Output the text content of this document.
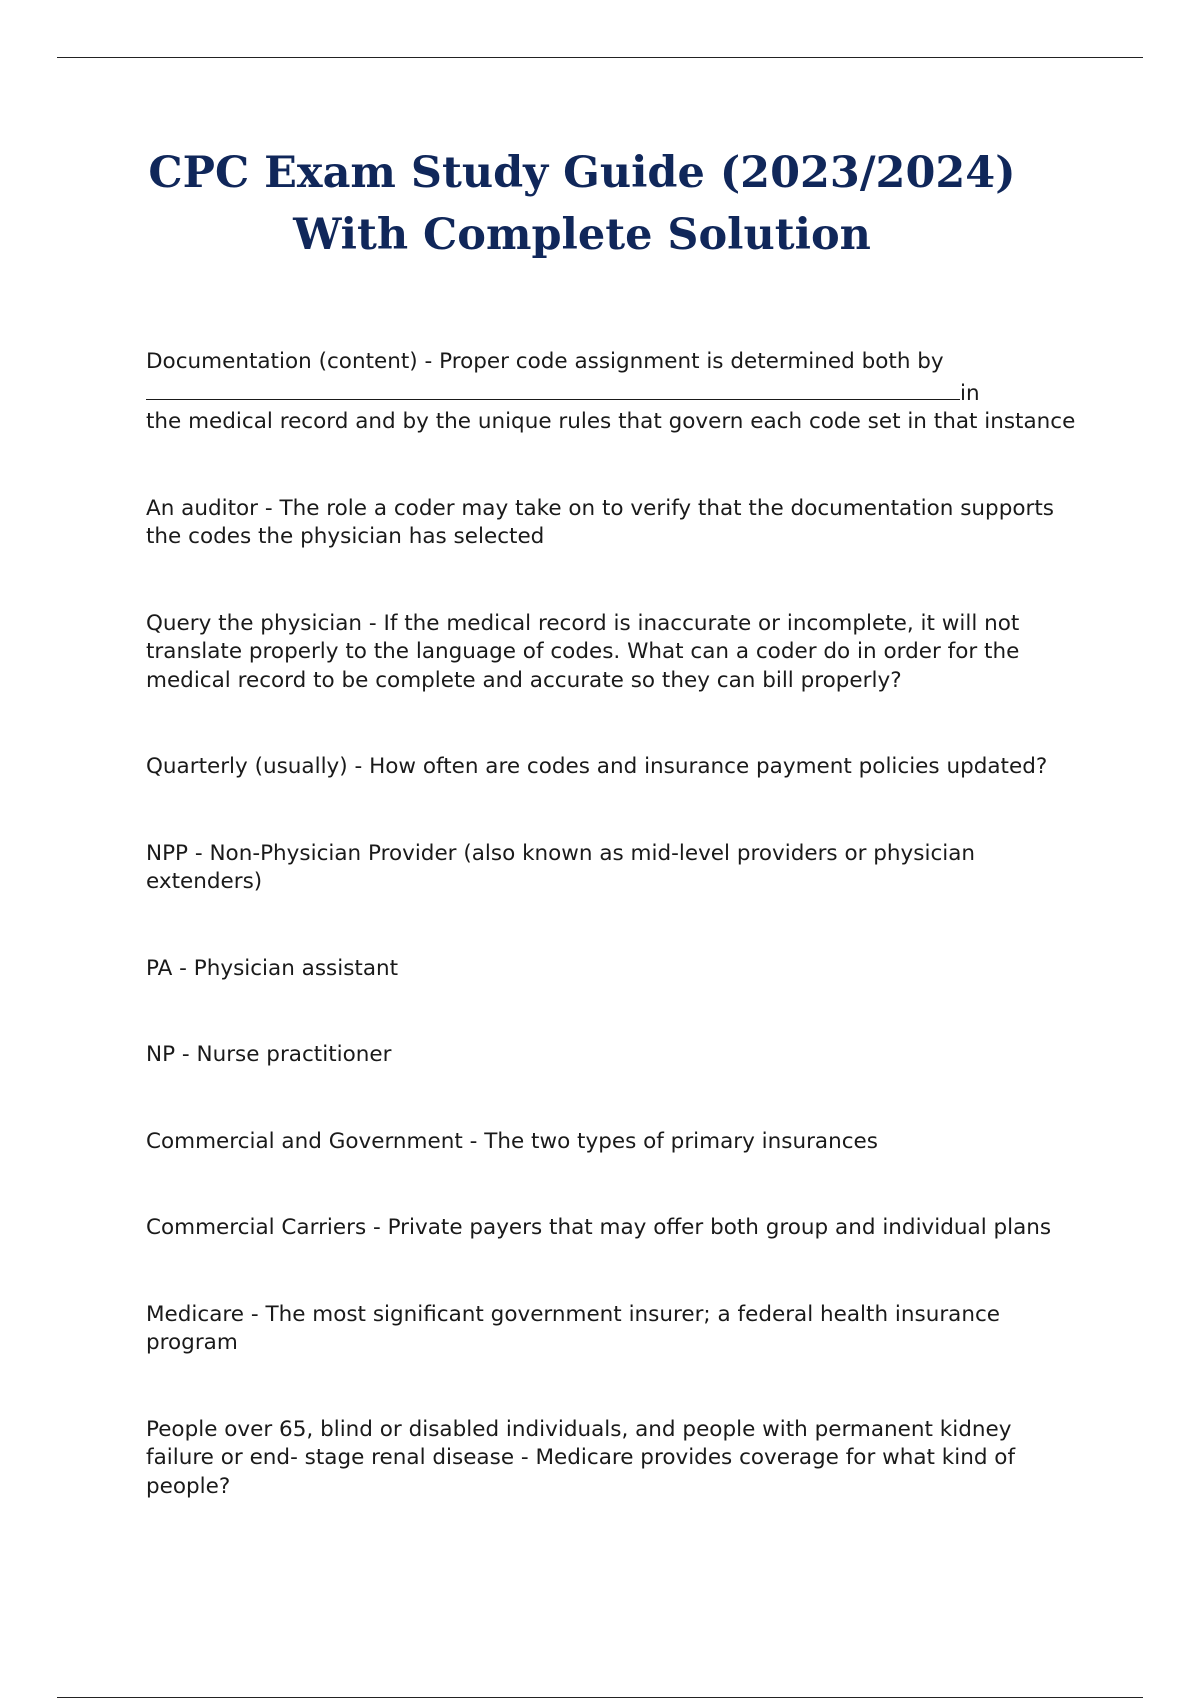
CPC Exam Study Guide (2023/2024)
With Complete Solution

Documentation (content) - Proper code assignment is determined both by
in
the medical record and by the unique rules that govern each code set in that instance

An auditor - The role a coder may take on to verify that the documentation supports the codes the physician has selected

Query the physician - If the medical record is inaccurate or incomplete, it will not translate properly to the language of codes. What can a coder do in order for the medical record to be complete and accurate so they can bill properly?

Quarterly (usually) - How often are codes and insurance payment policies updated?

NPP - Non-Physician Provider (also known as mid-level providers or physician extenders)

PA - Physician assistant

NP - Nurse practitioner

Commercial and Government - The two types of primary insurances

Commercial Carriers - Private payers that may offer both group and individual plans

Medicare - The most significant government insurer; a federal health insurance program

People over 65, blind or disabled individuals, and people with permanent kidney failure or end- stage renal disease - Medicare provides coverage for what kind of people?
